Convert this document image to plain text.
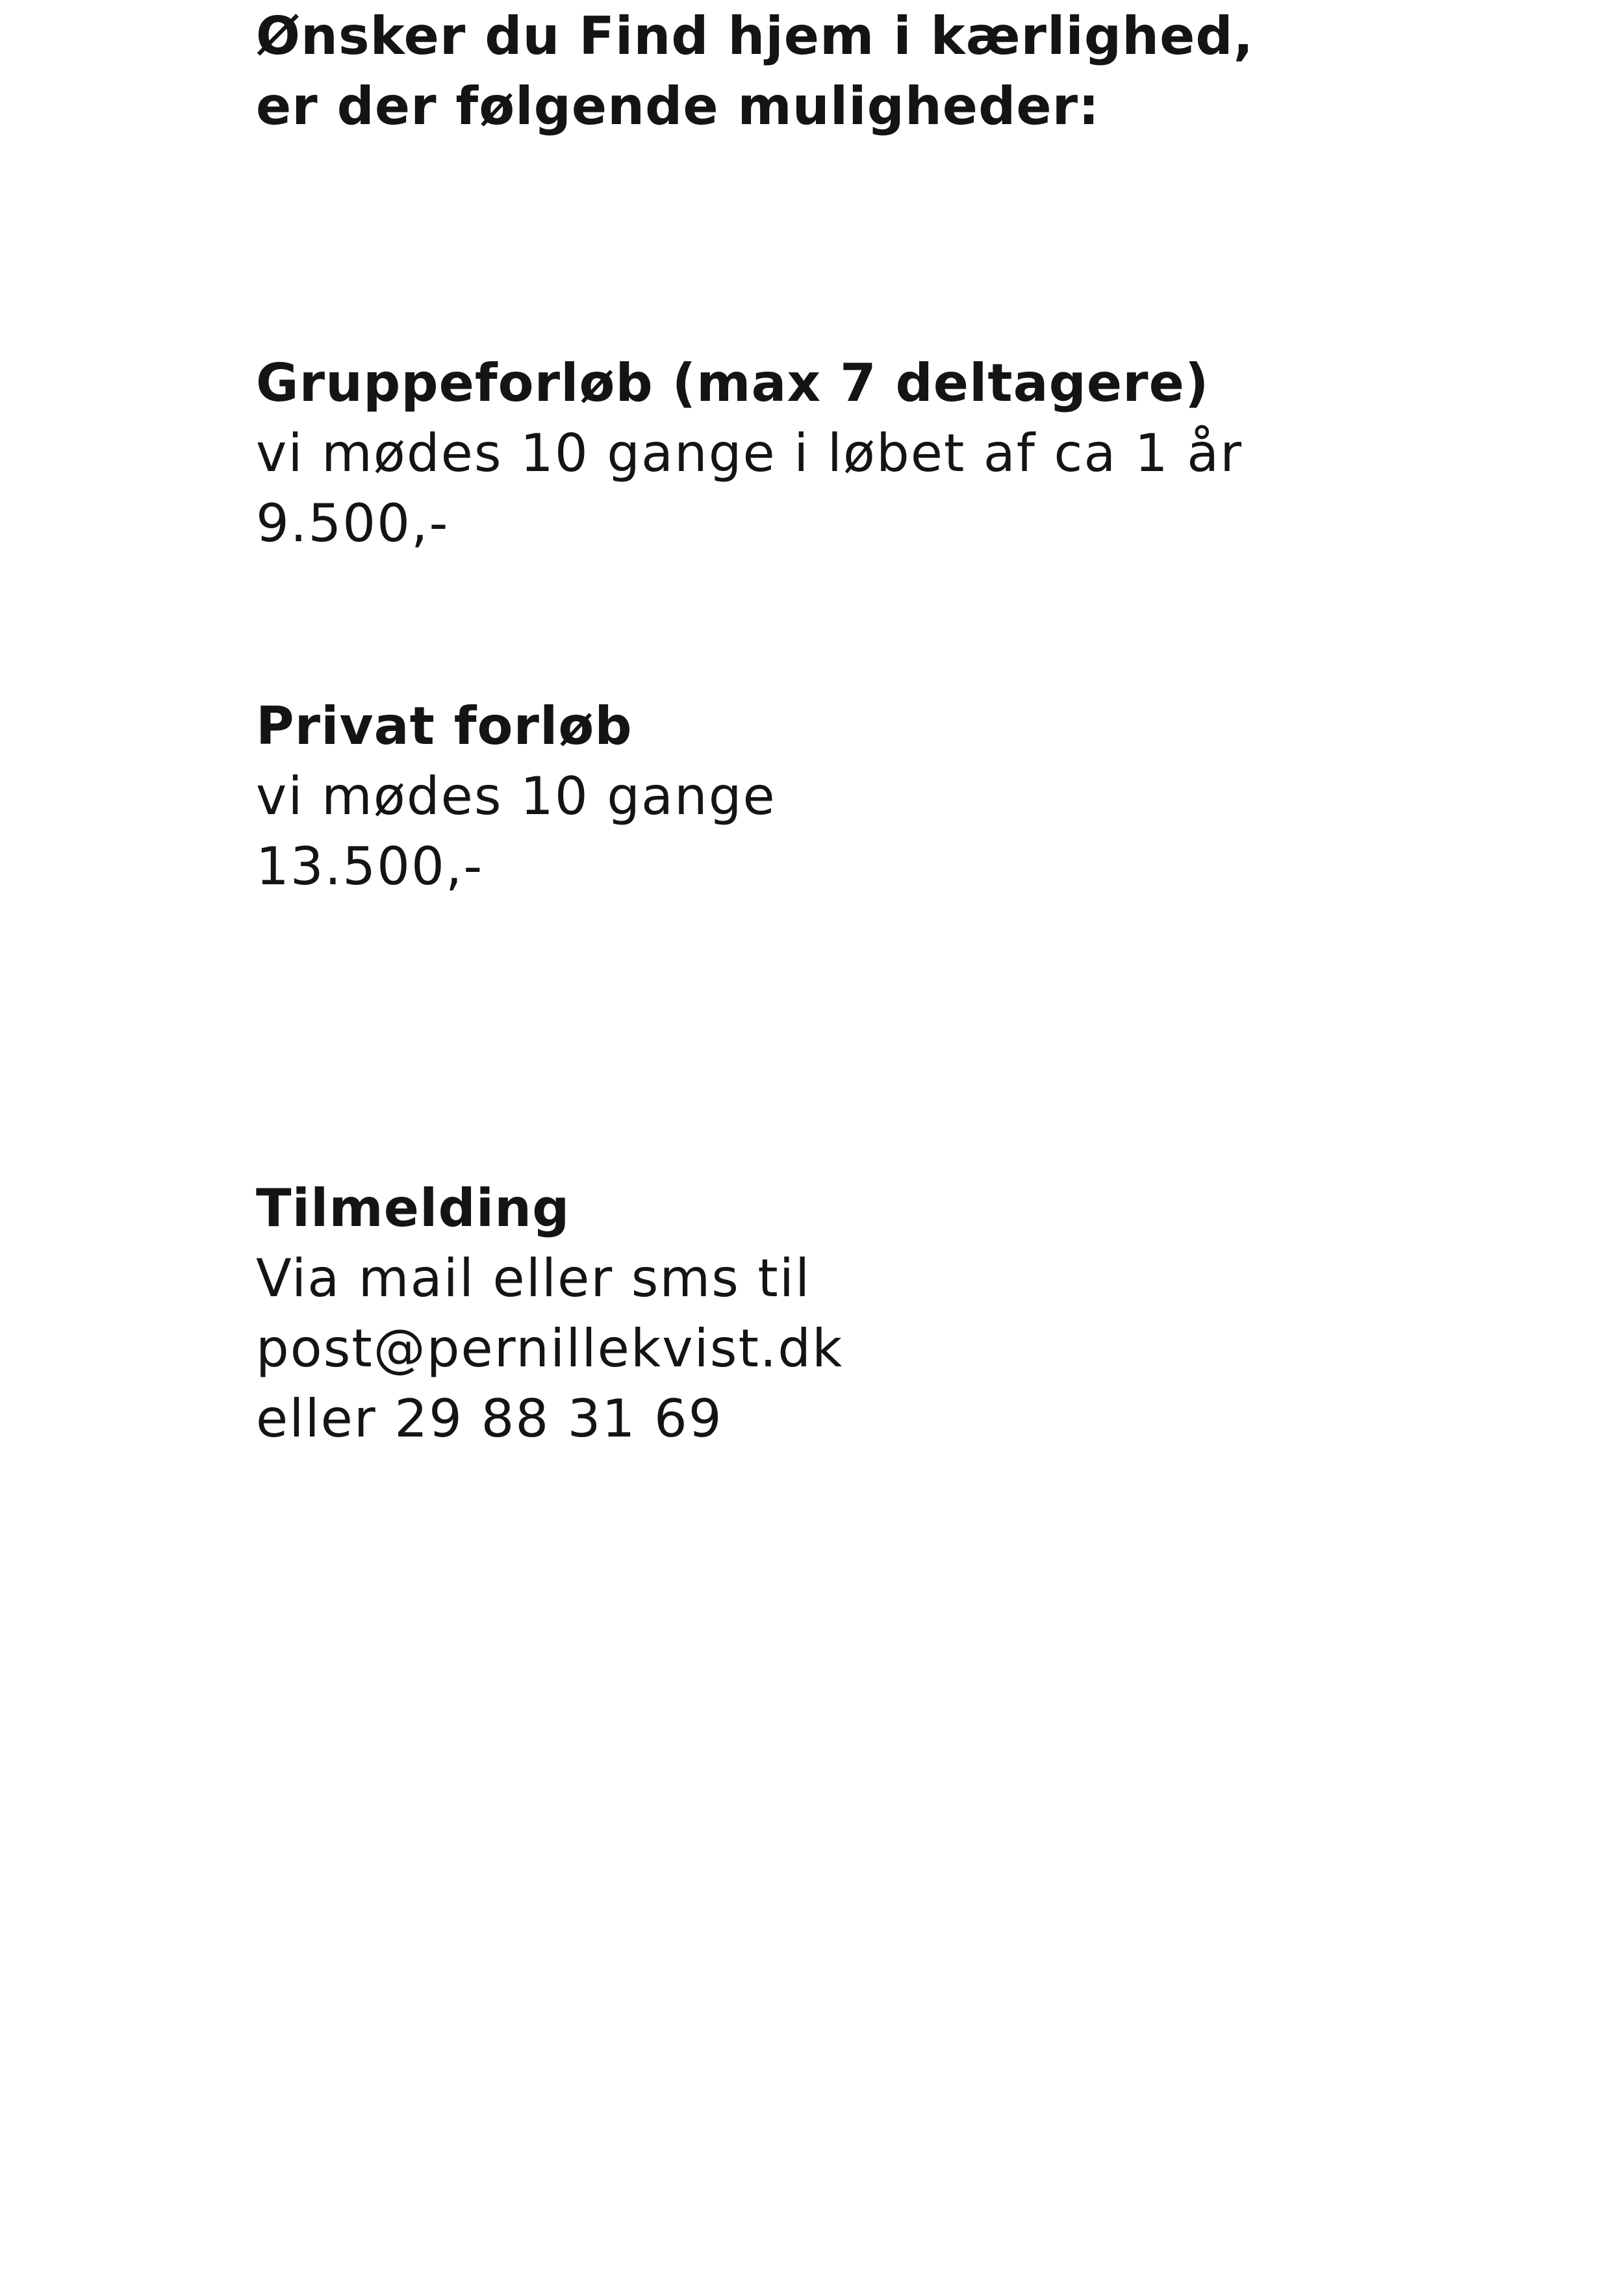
Ønsker du Find hjem i kærlighed,
er der følgende muligheder:
Gruppeforløb (max 7 deltagere)
vi mødes 10 gange i løbet af ca 1 år
9.500,-
Privat forløb
vi mødes 10 gange
13.500,-
Tilmelding
Via mail eller sms til
post@pernillekvist.dk
eller 29 88 31 69
